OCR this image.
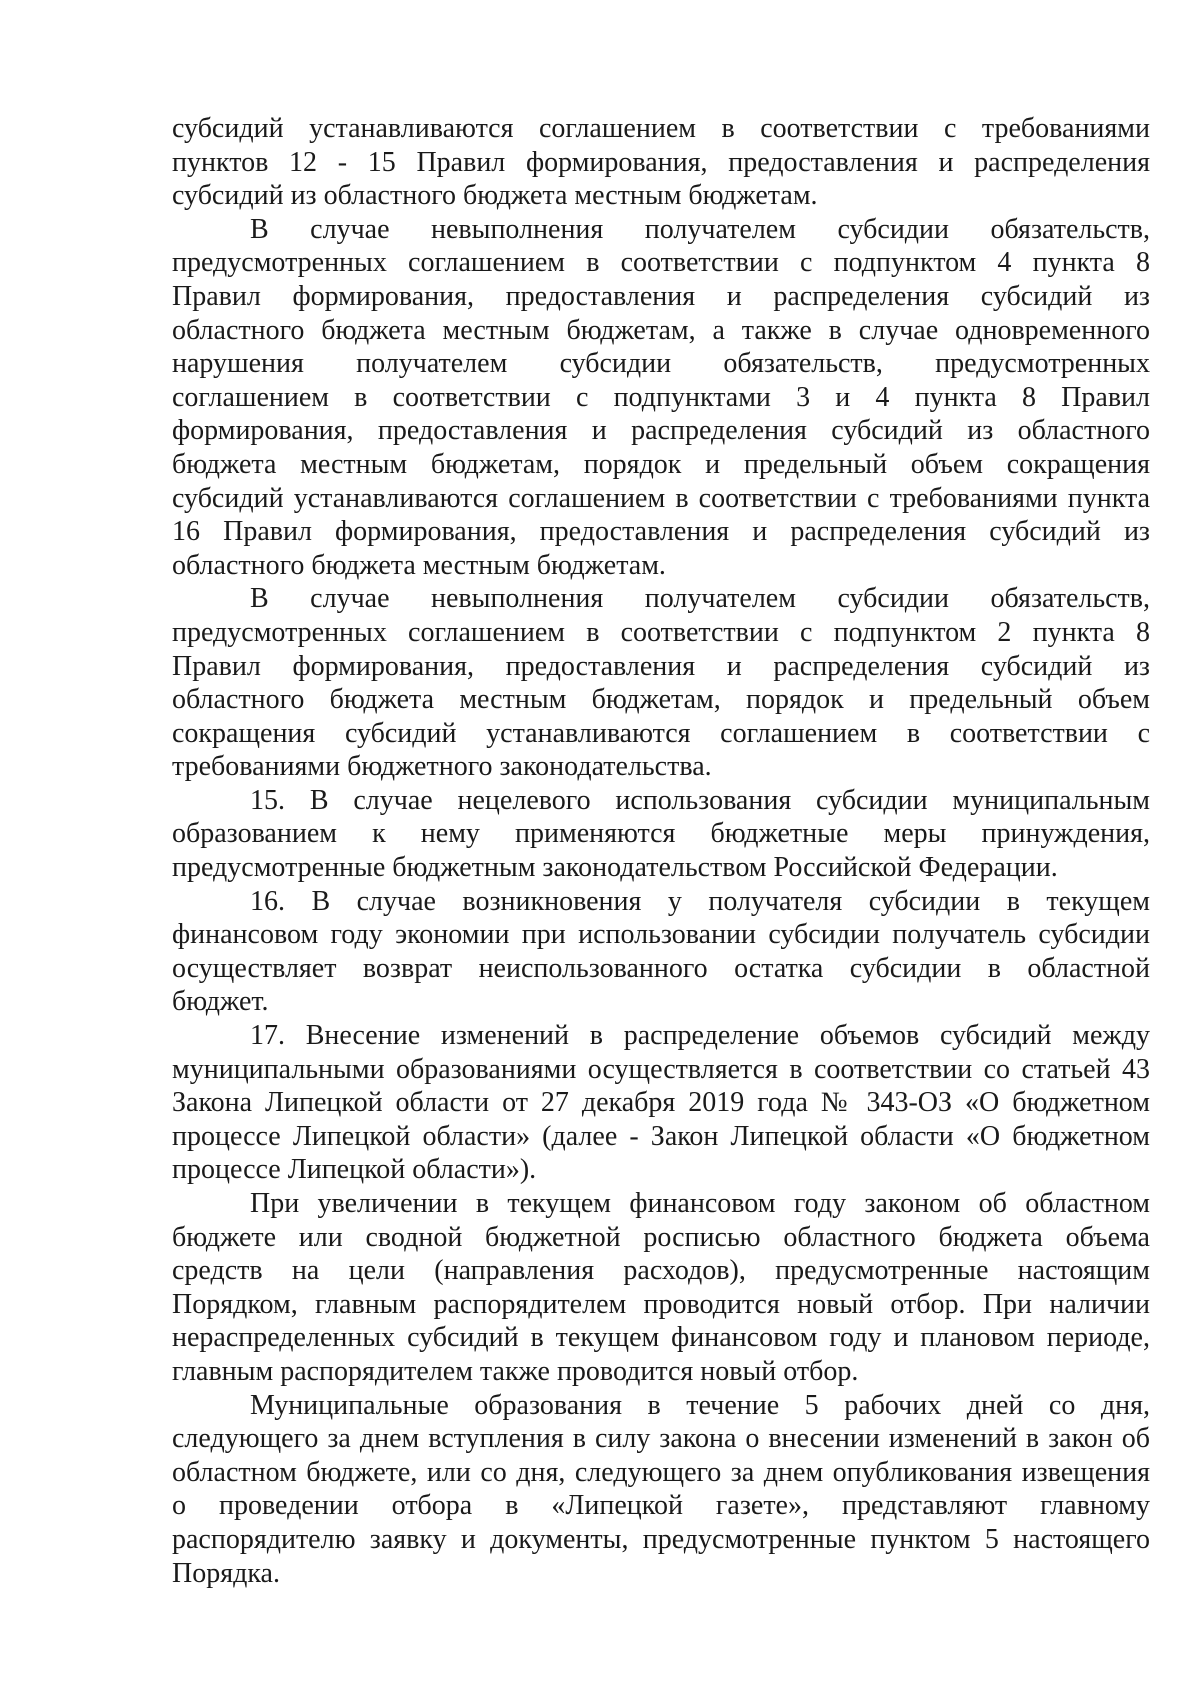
субсидий устанавливаются соглашением в соответствии с требованиями
пунктов 12 - 15 Правил формирования, предоставления и распределения
субсидий из областного бюджета местным бюджетам.
В случае невыполнения получателем субсидии обязательств,
предусмотренных соглашением в соответствии с подпунктом 4 пункта 8
Правил формирования, предоставления и распределения субсидий из
областного бюджета местным бюджетам, а также в случае одновременного
нарушения получателем субсидии обязательств, предусмотренных
соглашением в соответствии с подпунктами 3 и 4 пункта 8 Правил
формирования, предоставления и распределения субсидий из областного
бюджета местным бюджетам, порядок и предельный объем сокращения
субсидий устанавливаются соглашением в соответствии с требованиями пункта
16 Правил формирования, предоставления и распределения субсидий из
областного бюджета местным бюджетам.
В случае невыполнения получателем субсидии обязательств,
предусмотренных соглашением в соответствии с подпунктом 2 пункта 8
Правил формирования, предоставления и распределения субсидий из
областного бюджета местным бюджетам, порядок и предельный объем
сокращения субсидий устанавливаются соглашением в соответствии с
требованиями бюджетного законодательства.
15. В случае нецелевого использования субсидии муниципальным
образованием к нему применяются бюджетные меры принуждения,
предусмотренные бюджетным законодательством Российской Федерации.
16. В случае возникновения у получателя субсидии в текущем
финансовом году экономии при использовании субсидии получатель субсидии
осуществляет возврат неиспользованного остатка субсидии в областной
бюджет.
17. Внесение изменений в распределение объемов субсидий между
муниципальными образованиями осуществляется в соответствии со статьей 43
Закона Липецкой области от 27 декабря 2019 года № 343-ОЗ «О бюджетном
процессе Липецкой области» (далее - Закон Липецкой области «О бюджетном
процессе Липецкой области»).
При увеличении в текущем финансовом году законом об областном
бюджете или сводной бюджетной росписью областного бюджета объема
средств на цели (направления расходов), предусмотренные настоящим
Порядком, главным распорядителем проводится новый отбор. При наличии
нераспределенных субсидий в текущем финансовом году и плановом периоде,
главным распорядителем также проводится новый отбор.
Муниципальные образования в течение 5 рабочих дней со дня,
следующего за днем вступления в силу закона о внесении изменений в закон об
областном бюджете, или со дня, следующего за днем опубликования извещения
о проведении отбора в «Липецкой газете», представляют главному
распорядителю заявку и документы, предусмотренные пунктом 5 настоящего
Порядка.
